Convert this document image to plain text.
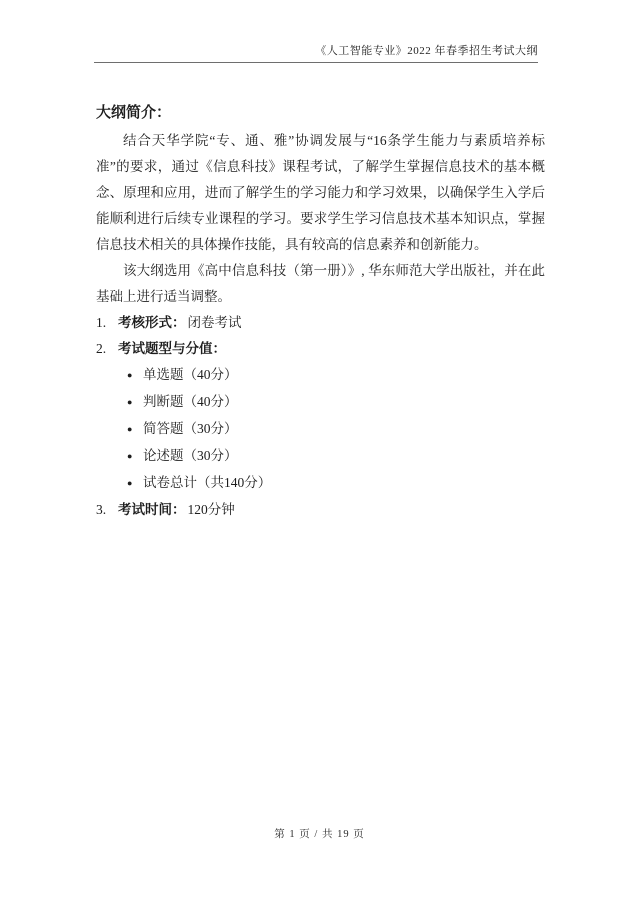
《人工智能专业》2022 年春季招生考试大纲

大纲简介：

结合天华学院“专、通、雅”协调发展与“16条学生能力与素质培养标准”的要求，通过《信息科技》课程考试，了解学生掌握信息技术的基本概念、原理和应用，进而了解学生的学习能力和学习效果，以确保学生入学后能顺利进行后续专业课程的学习。要求学生学习信息技术基本知识点，掌握信息技术相关的具体操作技能，具有较高的信息素养和创新能力。

该大纲选用《高中信息科技（第一册）》, 华东师范大学出版社，并在此基础上进行适当调整。

1. 考核形式： 闭卷考试
2. 考试题型与分值：
● 单选题（40分）
● 判断题（40分）
● 简答题（30分）
● 论述题（30分）
● 试卷总计（共140分）
3. 考试时间： 120分钟
第 1 页 / 共 19 页
